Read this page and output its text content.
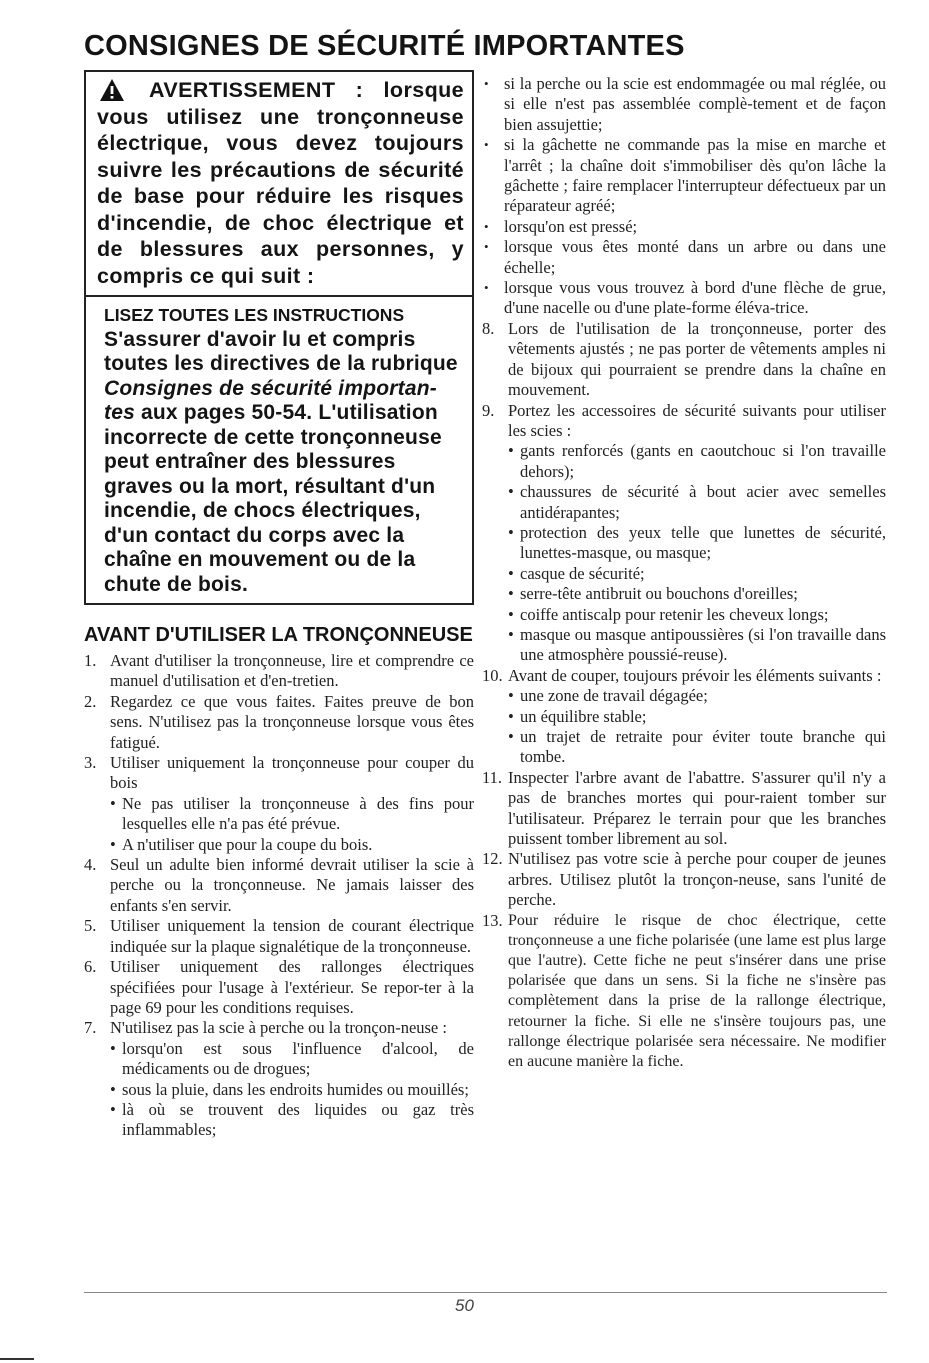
CONSIGNES DE SÉCURITÉ IMPORTANTES
AVERTISSEMENT : lorsque vous utilisez une tronçonneuse électrique, vous devez toujours suivre les précautions de sécurité de base pour réduire les risques d'incendie, de choc électrique et de blessures aux personnes, y compris ce qui suit :
LISEZ TOUTES LES INSTRUCTIONS
S'assurer d'avoir lu et compris toutes les directives de la rubrique Consignes de sécurité importan-tes aux pages 50-54. L'utilisation incorrecte de cette tronçonneuse peut entraîner des blessures graves ou la mort, résultant d'un incendie, de chocs électriques, d'un contact du corps avec la chaîne en mouvement ou de la chute de bois.
AVANT D'UTILISER LA TRONÇONNEUSE
1. Avant d'utiliser la tronçonneuse, lire et comprendre ce manuel d'utilisation et d'en-tretien.
2. Regardez ce que vous faites. Faites preuve de bon sens. N'utilisez pas la tronçonneuse lorsque vous êtes fatigué.
3. Utiliser uniquement la tronçonneuse pour couper du bois
• Ne pas utiliser la tronçonneuse à des fins pour lesquelles elle n'a pas été prévue.
• A n'utiliser que pour la coupe du bois.
4. Seul un adulte bien informé devrait utiliser la scie à perche ou la tronçonneuse. Ne jamais laisser des enfants s'en servir.
5. Utiliser uniquement la tension de courant électrique indiquée sur la plaque signalétique de la tronçonneuse.
6. Utiliser uniquement des rallonges électriques spécifiées pour l'usage à l'extérieur. Se repor-ter à la page 69 pour les conditions requises.
7. N'utilisez pas la scie à perche ou la tronçon-neuse :
• lorsqu'on est sous l'influence d'alcool, de médicaments ou de drogues;
• sous la pluie, dans les endroits humides ou mouillés;
• là où se trouvent des liquides ou gaz très inflammables;
• si la perche ou la scie est endommagée ou mal réglée, ou si elle n'est pas assemblée complè-tement et de façon bien assujettie;
• si la gâchette ne commande pas la mise en marche et l'arrêt ; la chaîne doit s'immobiliser dès qu'on lâche la gâchette ; faire remplacer l'interrupteur défectueux par un réparateur agréé;
• lorsqu'on est pressé;
• lorsque vous êtes monté dans un arbre ou dans une échelle;
• lorsque vous vous trouvez à bord d'une flèche de grue, d'une nacelle ou d'une plate-forme éléva-trice.
8. Lors de l'utilisation de la tronçonneuse, porter des vêtements ajustés ; ne pas porter de vêtements amples ni de bijoux qui pourraient se prendre dans la chaîne en mouvement.
9. Portez les accessoires de sécurité suivants pour utiliser les scies :
• gants renforcés (gants en caoutchouc si l'on travaille dehors);
• chaussures de sécurité à bout acier avec semelles antidérapantes;
• protection des yeux telle que lunettes de sécurité, lunettes-masque, ou masque;
• casque de sécurité;
• serre-tête antibruit ou bouchons d'oreilles;
• coiffe antiscalp pour retenir les cheveux longs;
• masque ou masque antipoussières (si l'on travaille dans une atmosphère poussié-reuse).
10. Avant de couper, toujours prévoir les éléments suivants :
• une zone de travail dégagée;
• un équilibre stable;
• un trajet de retraite pour éviter toute branche qui tombe.
11. Inspecter l'arbre avant de l'abattre. S'assurer qu'il n'y a pas de branches mortes qui pour-raient tomber sur l'utilisateur. Préparez le terrain pour que les branches puissent tomber librement au sol.
12. N'utilisez pas votre scie à perche pour couper de jeunes arbres. Utilisez plutôt la tronçon-neuse, sans l'unité de perche.
13. Pour réduire le risque de choc électrique, cette tronçonneuse a une fiche polarisée (une lame est plus large que l'autre). Cette fiche ne peut s'insérer dans une prise polarisée que dans un sens. Si la fiche ne s'insère pas complètement dans la prise de la rallonge électrique, retourner la fiche. Si elle ne s'insère toujours pas, une rallonge électrique polarisée sera nécessaire. Ne modifier en aucune manière la fiche.
50
